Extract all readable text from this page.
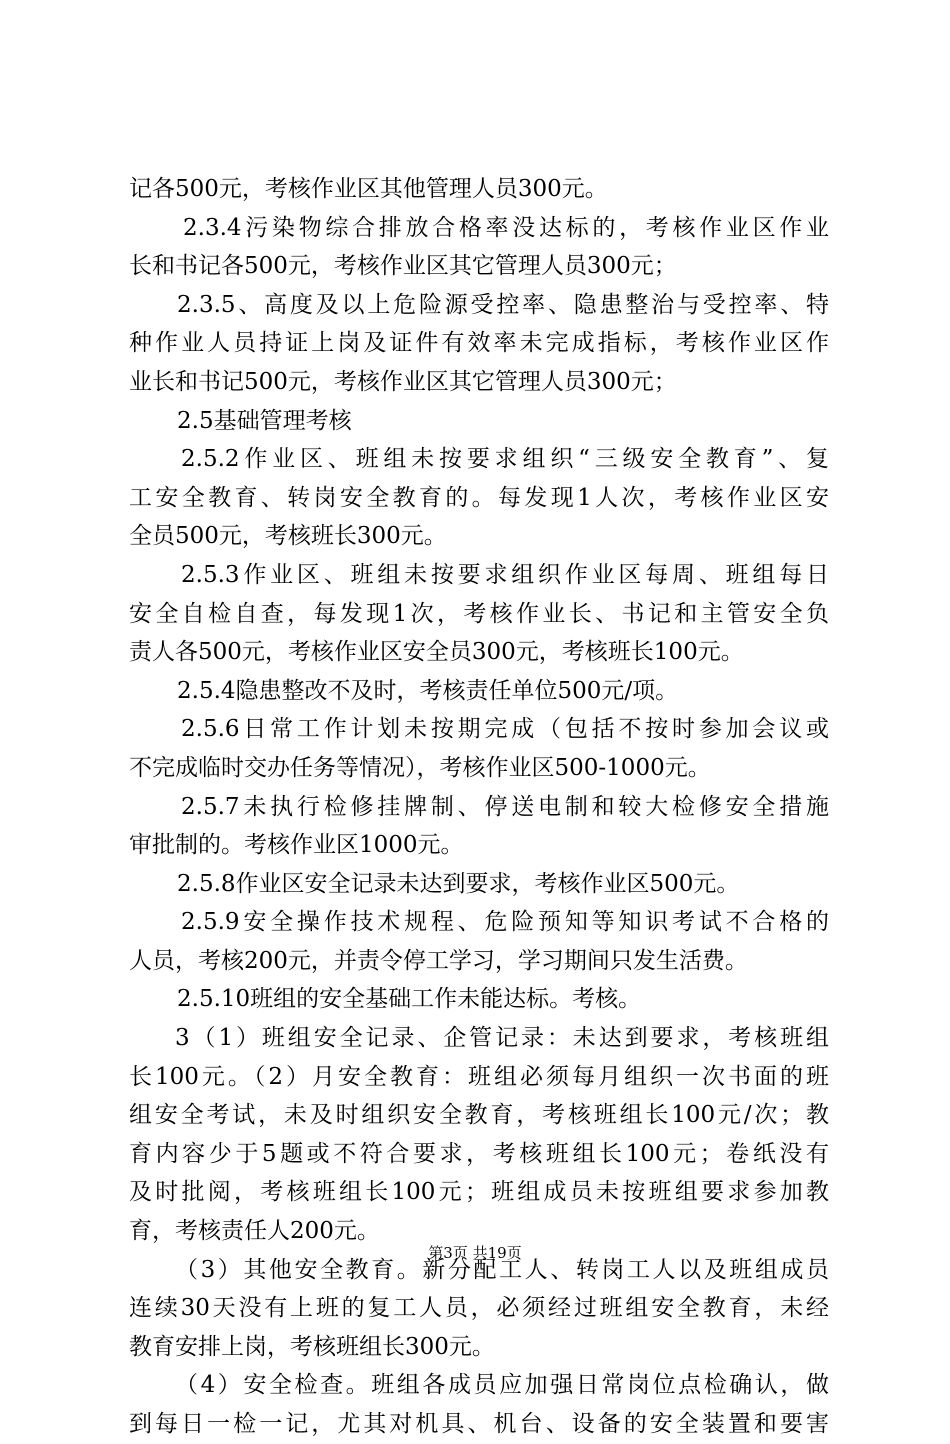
记各500元，考核作业区其他管理人员300元。
2.3.4污染物综合排放合格率没达标的，考核作业区作业
长和书记各500元，考核作业区其它管理人员300元；
2.3.5、高度及以上危险源受控率、隐患整治与受控率、特
种作业人员持证上岗及证件有效率未完成指标，考核作业区作
业长和书记500元，考核作业区其它管理人员300元；
2.5基础管理考核
2.5.2作业区、班组未按要求组织“三级安全教育”、复
工安全教育、转岗安全教育的。每发现1人次，考核作业区安
全员500元，考核班长300元。
2.5.3作业区、班组未按要求组织作业区每周、班组每日
安全自检自查，每发现1次，考核作业长、书记和主管安全负
责人各500元，考核作业区安全员300元，考核班长100元。
2.5.4隐患整改不及时，考核责任单位500元/项。
2.5.6日常工作计划未按期完成（包括不按时参加会议或
不完成临时交办任务等情况），考核作业区500-1000元。
2.5.7未执行检修挂牌制、停送电制和较大检修安全措施
审批制的。考核作业区1000元。
2.5.8作业区安全记录未达到要求，考核作业区500元。
2.5.9安全操作技术规程、危险预知等知识考试不合格的
人员，考核200元，并责令停工学习，学习期间只发生活费。
2.5.10班组的安全基础工作未能达标。考核。
3（1）班组安全记录、企管记录：未达到要求，考核班组
长100元。（2）月安全教育：班组必须每月组织一次书面的班
组安全考试，未及时组织安全教育，考核班组长100元/次；教
育内容少于5题或不符合要求，考核班组长100元；卷纸没有
及时批阅，考核班组长100元；班组成员未按班组要求参加教
育，考核责任人200元。
（3）其他安全教育。新分配工人、转岗工人以及班组成员
连续30天没有上班的复工人员，必须经过班组安全教育，未经
教育安排上岗，考核班组长300元。
（4）安全检查。班组各成员应加强日常岗位点检确认，做
到每日一检一记，尤其对机具、机台、设备的安全装置和要害
第3页 共19页
